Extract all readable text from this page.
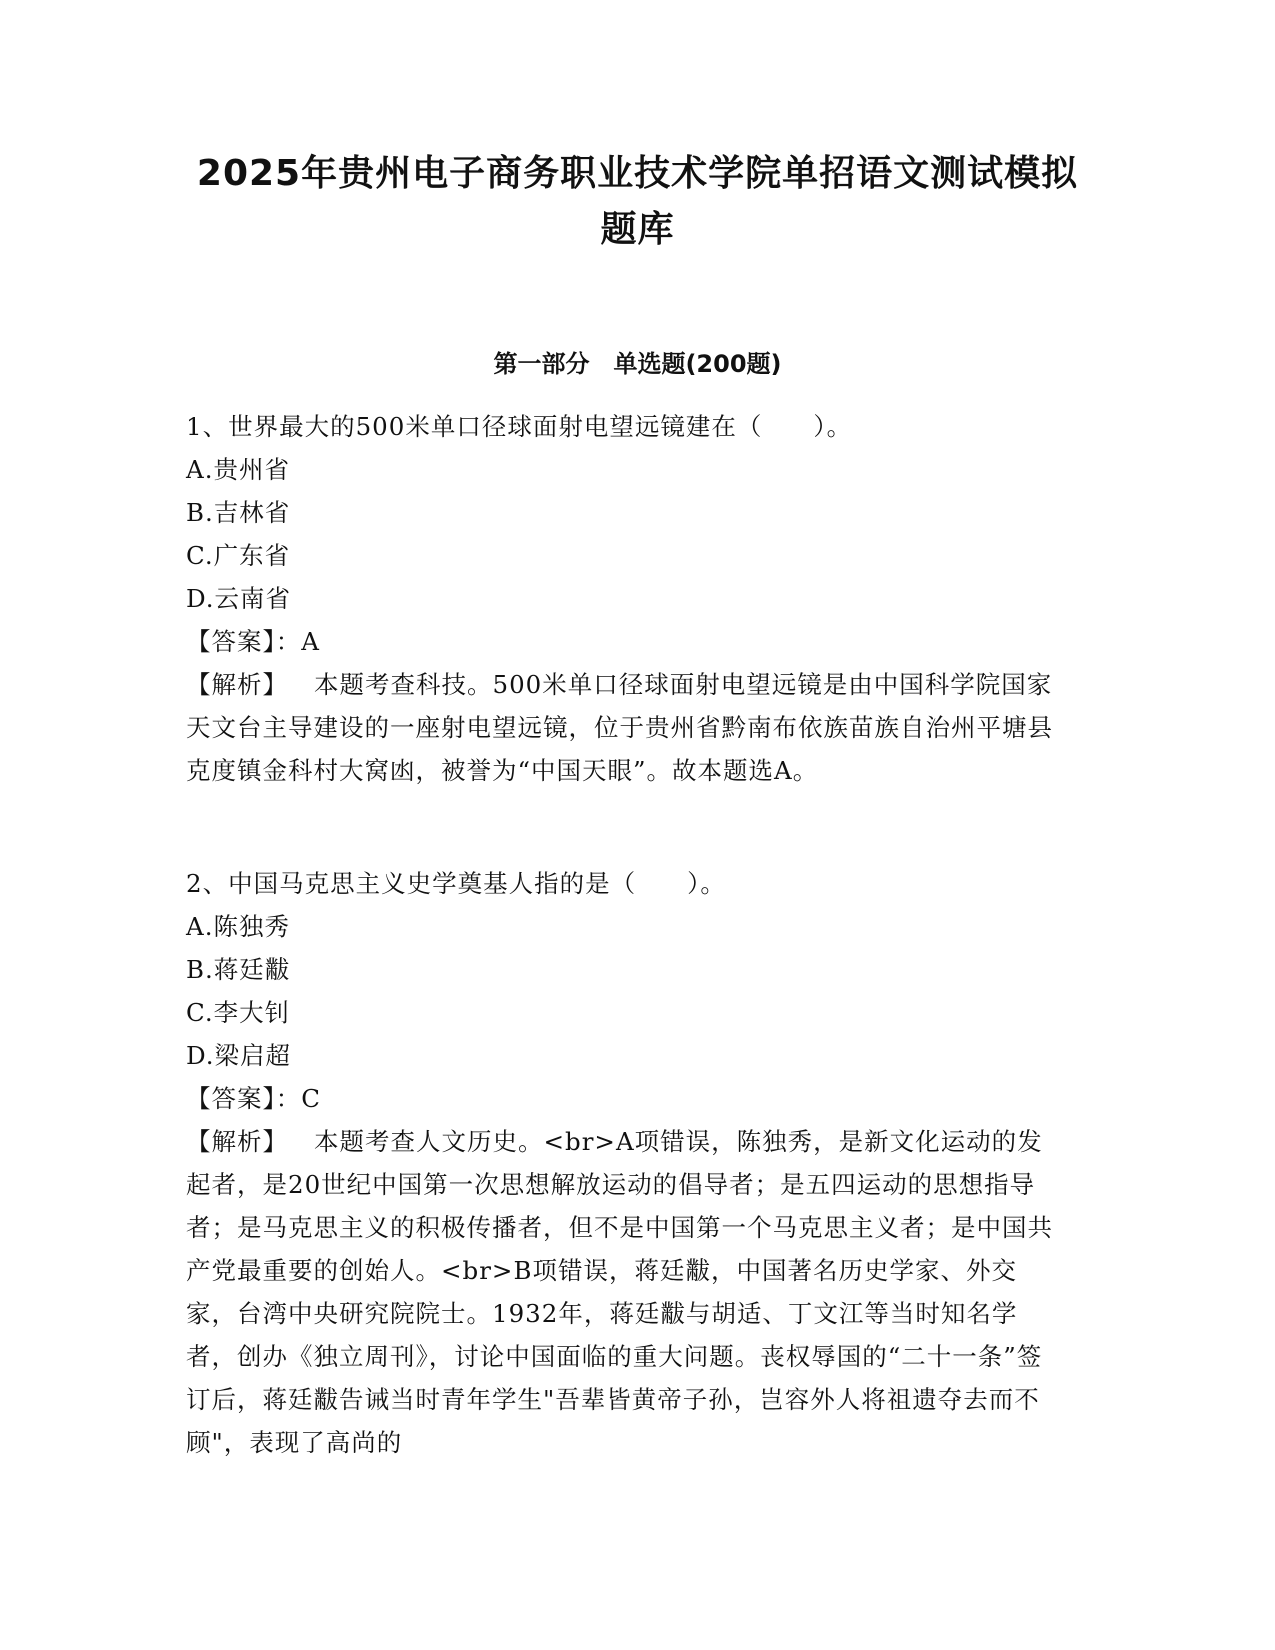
2025年贵州电子商务职业技术学院单招语文测试模拟
题库
第一部分　单选题(200题)
1、世界最大的500米单口径球面射电望远镜建在（　　）。
A.贵州省
B.吉林省
C.广东省
D.云南省
【答案】：A
【解析】 本题考查科技。500米单口径球面射电望远镜是由中国科学院国家天文台主导建设的一座射电望远镜，位于贵州省黔南布依族苗族自治州平塘县克度镇金科村大窝凼，被誉为“中国天眼”。故本题选A。
2、中国马克思主义史学奠基人指的是（　　）。
A.陈独秀
B.蒋廷黻
C.李大钊
D.梁启超
【答案】：C
【解析】 本题考查人文历史。<br>A项错误，陈独秀，是新文化运动的发起者，是20世纪中国第一次思想解放运动的倡导者；是五四运动的思想指导者；是马克思主义的积极传播者，但不是中国第一个马克思主义者；是中国共产党最重要的创始人。<br>B项错误，蒋廷黻，中国著名历史学家、外交家，台湾中央研究院院士。1932年，蒋廷黻与胡适、丁文江等当时知名学者，创办《独立周刊》，讨论中国面临的重大问题。丧权辱国的“二十一条”签订后，蒋廷黻告诫当时青年学生"吾辈皆黄帝子孙，岂容外人将祖遗夺去而不顾"，表现了高尚的
